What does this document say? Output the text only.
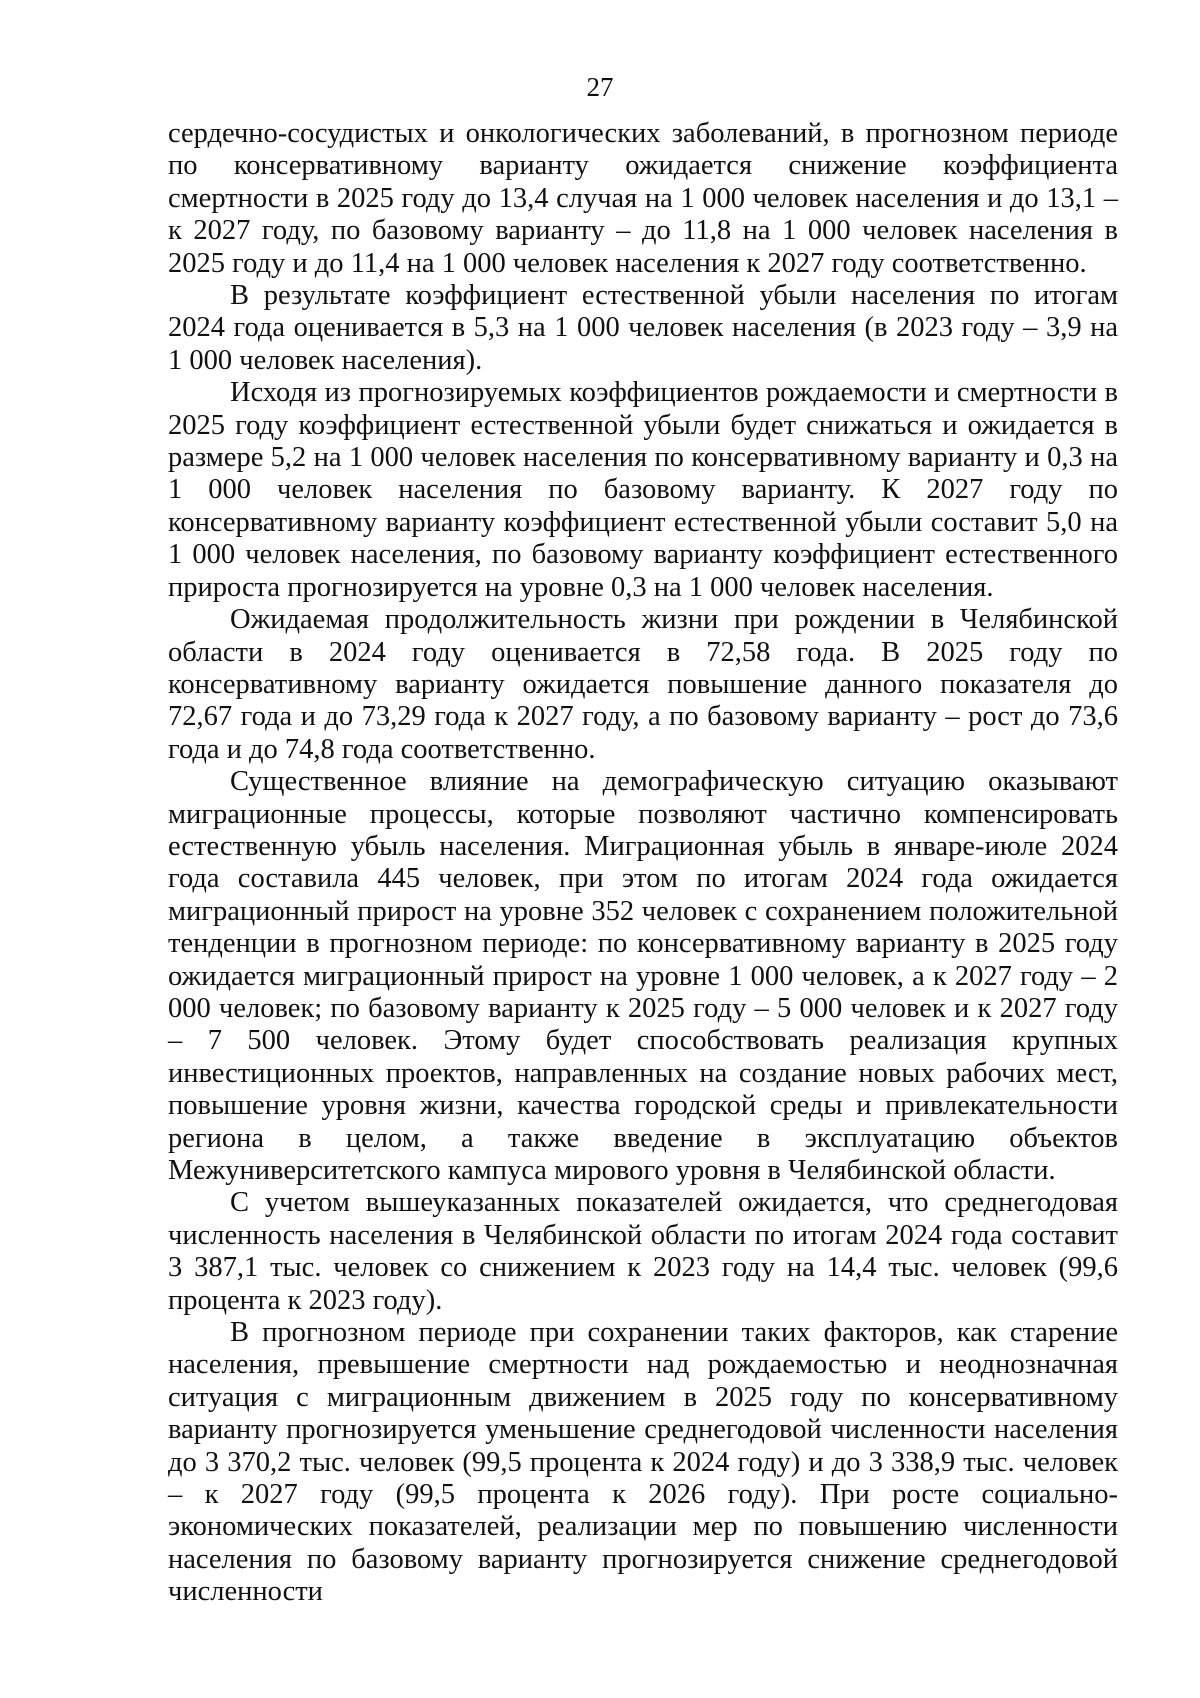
27

сердечно-сосудистых и онкологических заболеваний, в прогнозном периоде по консервативному варианту ожидается снижение коэффициента смертности в 2025 году до 13,4 случая на 1 000 человек населения и до 13,1 – к 2027 году, по базовому варианту – до 11,8 на 1 000 человек населения в 2025 году и до 11,4 на 1 000 человек населения к 2027 году соответственно.

В результате коэффициент естественной убыли населения по итогам 2024 года оценивается в 5,3 на 1 000 человек населения (в 2023 году – 3,9 на 1 000 человек населения).

Исходя из прогнозируемых коэффициентов рождаемости и смертности в 2025 году коэффициент естественной убыли будет снижаться и ожидается в размере 5,2 на 1 000 человек населения по консервативному варианту и 0,3 на 1 000 человек населения по базовому варианту. К 2027 году по консервативному варианту коэффициент естественной убыли составит 5,0 на 1 000 человек населения, по базовому варианту коэффициент естественного прироста прогнозируется на уровне 0,3 на 1 000 человек населения.

Ожидаемая продолжительность жизни при рождении в Челябинской области в 2024 году оценивается в 72,58 года. В 2025 году по консервативному варианту ожидается повышение данного показателя до 72,67 года и до 73,29 года к 2027 году, а по базовому варианту – рост до 73,6 года и до 74,8 года соответственно.

Существенное влияние на демографическую ситуацию оказывают миграционные процессы, которые позволяют частично компенсировать естественную убыль населения. Миграционная убыль в январе-июле 2024 года составила 445 человек, при этом по итогам 2024 года ожидается миграционный прирост на уровне 352 человек с сохранением положительной тенденции в прогнозном периоде: по консервативному варианту в 2025 году ожидается миграционный прирост на уровне 1 000 человек, а к 2027 году – 2 000 человек; по базовому варианту к 2025 году – 5 000 человек и к 2027 году – 7 500 человек. Этому будет способствовать реализация крупных инвестиционных проектов, направленных на создание новых рабочих мест, повышение уровня жизни, качества городской среды и привлекательности региона в целом, а также введение в эксплуатацию объектов Межуниверситетского кампуса мирового уровня в Челябинской области.

С учетом вышеуказанных показателей ожидается, что среднегодовая численность населения в Челябинской области по итогам 2024 года составит 3 387,1 тыс. человек со снижением к 2023 году на 14,4 тыс. человек (99,6 процента к 2023 году).

В прогнозном периоде при сохранении таких факторов, как старение населения, превышение смертности над рождаемостью и неоднозначная ситуация с миграционным движением в 2025 году по консервативному варианту прогнозируется уменьшение среднегодовой численности населения до 3 370,2 тыс. человек (99,5 процента к 2024 году) и до 3 338,9 тыс. человек – к 2027 году (99,5 процента к 2026 году). При росте социально-экономических показателей, реализации мер по повышению численности населения по базовому варианту прогнозируется снижение среднегодовой численности
